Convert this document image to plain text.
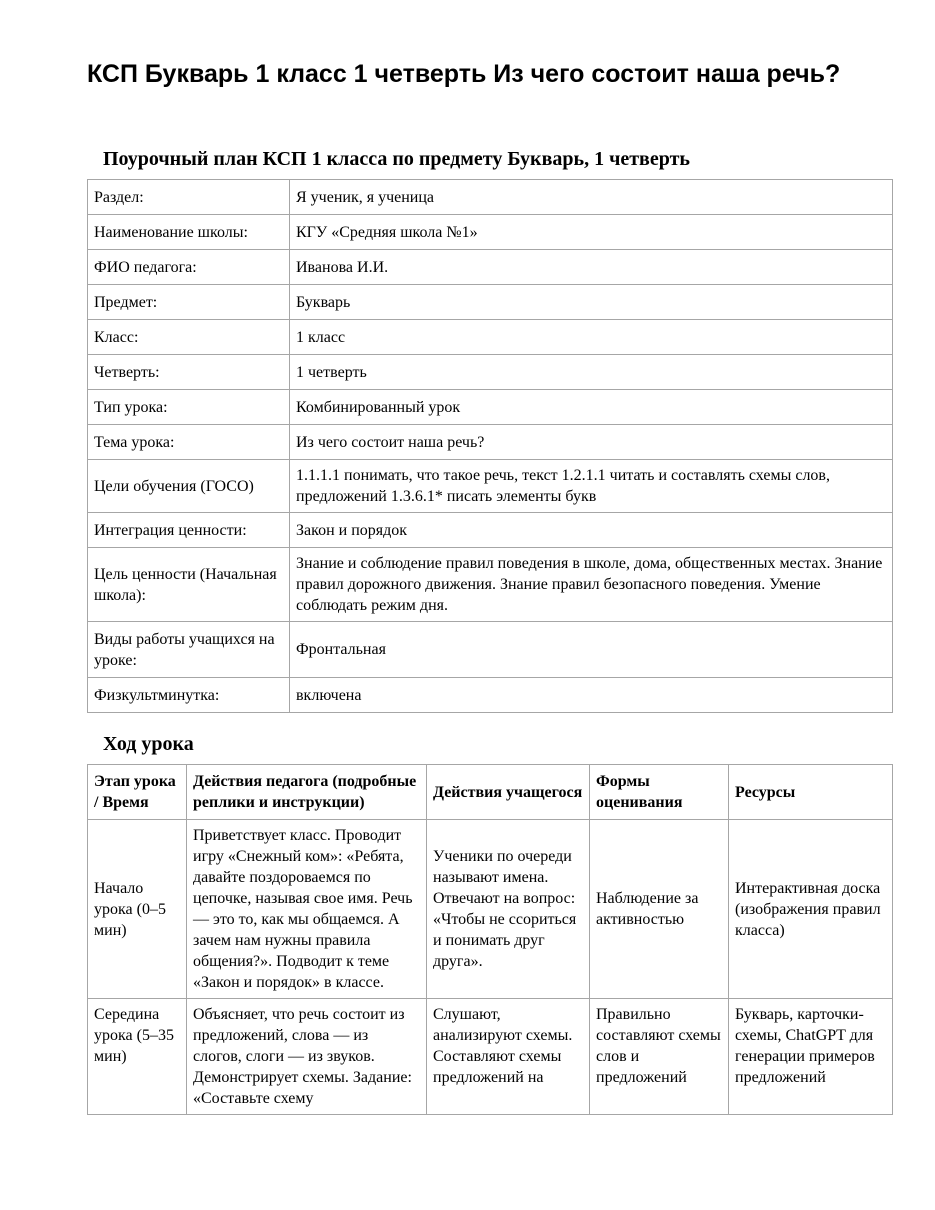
КСП Букварь 1 класс 1 четверть Из чего состоит наша речь?
Поурочный план КСП 1 класса по предмету Букварь, 1 четверть
Раздел:	Я ученик, я ученица
Наименование школы:	КГУ «Средняя школа №1»
ФИО педагога:	Иванова И.И.
Предмет:	Букварь
Класс:	1 класс
Четверть:	1 четверть
Тип урока:	Комбинированный урок
Тема урока:	Из чего состоит наша речь?
Цели обучения (ГОСО)	1.1.1.1 понимать, что такое речь, текст 1.2.1.1 читать и составлять схемы слов, предложений 1.3.6.1* писать элементы букв
Интеграция ценности:	Закон и порядок
Цель ценности (Начальная школа):	Знание и соблюдение правил поведения в школе, дома, общественных местах. Знание правил дорожного движения. Знание правил безопасного поведения. Умение соблюдать режим дня.
Виды работы учащихся на уроке:	Фронтальная
Физкультминутка:	включена
Ход урока
Этап урока / Время	Действия педагога (подробные реплики и инструкции)	Действия учащегося	Формы оценивания	Ресурсы
Начало урока (0–5 мин)	Приветствует класс. Проводит игру «Снежный ком»: «Ребята, давайте поздороваемся по цепочке, называя свое имя. Речь — это то, как мы общаемся. А зачем нам нужны правила общения?». Подводит к теме «Закон и порядок» в классе.	Ученики по очереди называют имена. Отвечают на вопрос: «Чтобы не ссориться и понимать друг друга».	Наблюдение за активностью	Интерактивная доска (изображения правил класса)
Середина урока (5–35 мин)	Объясняет, что речь состоит из предложений, слова — из слогов, слоги — из звуков. Демонстрирует схемы. Задание: «Составьте схему	Слушают, анализируют схемы. Составляют схемы предложений на	Правильно составляют схемы слов и предложений	Букварь, карточки-схемы, ChatGPT для генерации примеров предложений
